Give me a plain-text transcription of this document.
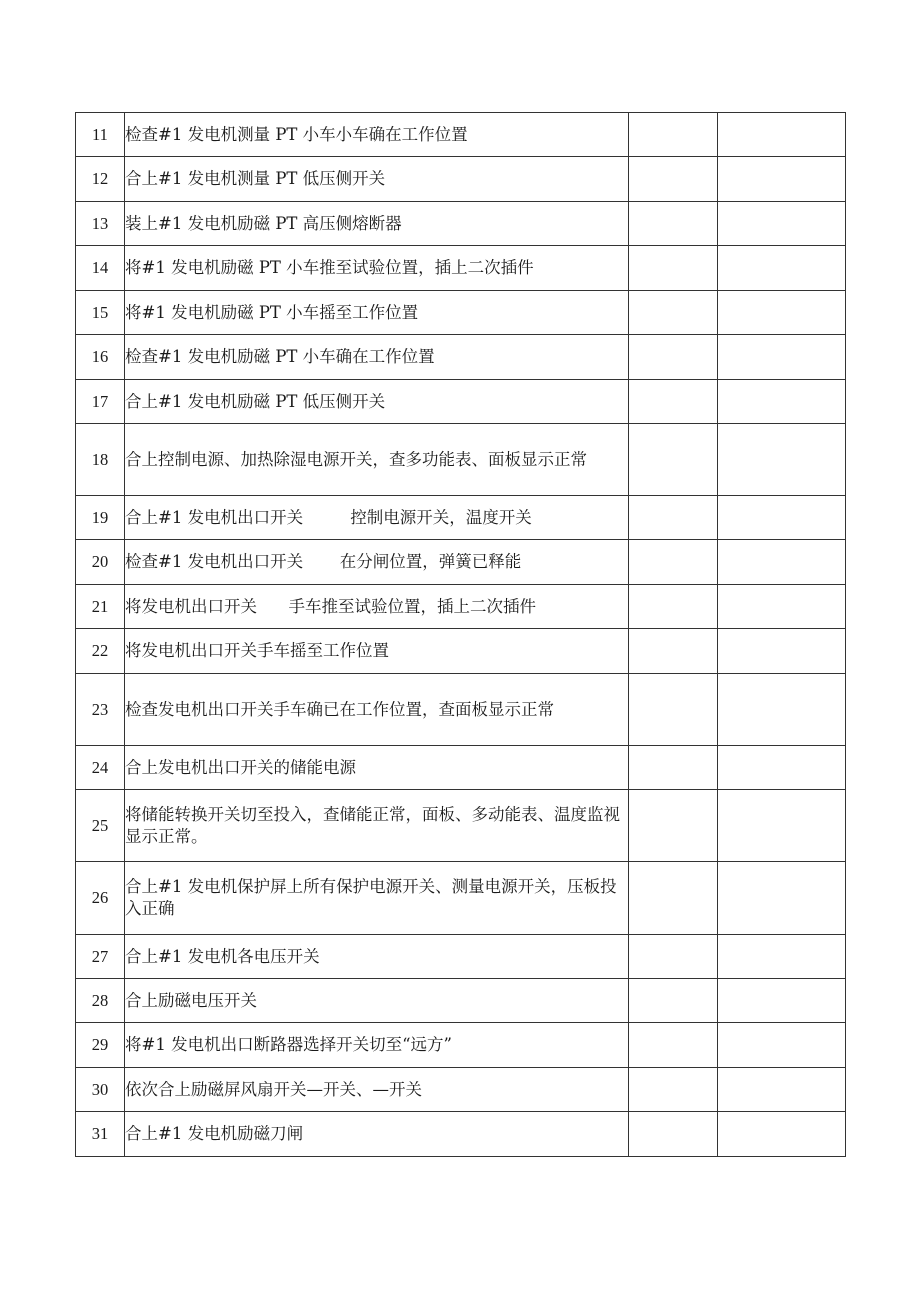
11	检查#1 发电机测量 PT 小车小车确在工作位置		
12	合上#1 发电机测量 PT 低压侧开关		
13	装上#1 发电机励磁 PT 高压侧熔断器		
14	将#1 发电机励磁 PT 小车推至试验位置，插上二次插件		
15	将#1 发电机励磁 PT 小车摇至工作位置		
16	检查#1 发电机励磁 PT 小车确在工作位置		
17	合上#1 发电机励磁 PT 低压侧开关		
18	合上控制电源、加热除湿电源开关，查多功能表、面板显示正常		
19	合上#1 发电机出口开关         控制电源开关，温度开关		
20	检查#1 发电机出口开关       在分闸位置，弹簧已释能		
21	将发电机出口开关      手车推至试验位置，插上二次插件		
22	将发电机出口开关手车摇至工作位置		
23	检查发电机出口开关手车确已在工作位置，查面板显示正常		
24	合上发电机出口开关的储能电源		
25	将储能转换开关切至投入，查储能正常，面板、多动能表、温度监视显示正常。		
26	合上#1 发电机保护屏上所有保护电源开关、测量电源开关，压板投入正确		
27	合上#1 发电机各电压开关		
28	合上励磁电压开关		
29	将#1 发电机出口断路器选择开关切至“远方”		
30	依次合上励磁屏风扇开关—开关、—开关		
31	合上#1 发电机励磁刀闸		
